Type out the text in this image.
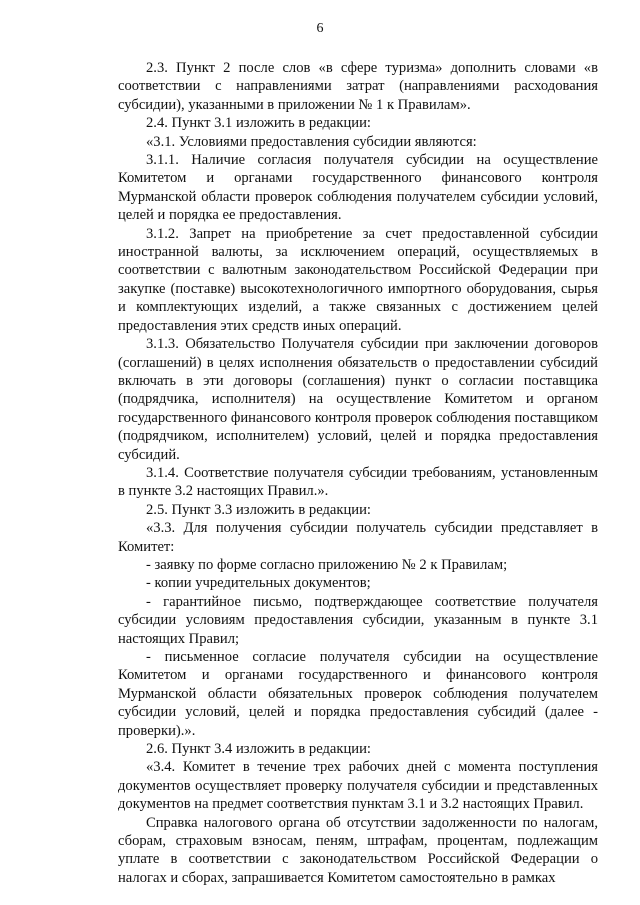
6

2.3. Пункт 2 после слов «в сфере туризма» дополнить словами «в соответствии с направлениями затрат (направлениями расходования субсидии), указанными в приложении № 1 к Правилам».

2.4. Пункт 3.1 изложить в редакции:

«3.1. Условиями предоставления субсидии являются:

3.1.1. Наличие согласия получателя субсидии на осуществление Комитетом и органами государственного финансового контроля Мурманской области проверок соблюдения получателем субсидии условий, целей и порядка ее предоставления.

3.1.2. Запрет на приобретение за счет предоставленной субсидии иностранной валюты, за исключением операций, осуществляемых в соответствии с валютным законодательством Российской Федерации при закупке (поставке) высокотехнологичного импортного оборудования, сырья и комплектующих изделий, а также связанных с достижением целей предоставления этих средств иных операций.

3.1.3. Обязательство Получателя субсидии при заключении договоров (соглашений) в целях исполнения обязательств о предоставлении субсидий включать в эти договоры (соглашения) пункт о согласии поставщика (подрядчика, исполнителя) на осуществление Комитетом и органом государственного финансового контроля проверок соблюдения поставщиком (подрядчиком, исполнителем) условий, целей и порядка предоставления субсидий.

3.1.4. Соответствие получателя субсидии требованиям, установленным в пункте 3.2 настоящих Правил.».

2.5. Пункт 3.3 изложить в редакции:

«3.3. Для получения субсидии получатель субсидии представляет в Комитет:

- заявку по форме согласно приложению № 2 к Правилам;

- копии учредительных документов;

- гарантийное письмо, подтверждающее соответствие получателя субсидии условиям предоставления субсидии, указанным в пункте 3.1 настоящих Правил;

- письменное согласие получателя субсидии на осуществление Комитетом и органами государственного и финансового контроля Мурманской области обязательных проверок соблюдения получателем субсидии условий, целей и порядка предоставления субсидий (далее - проверки).».

2.6. Пункт 3.4 изложить в редакции:

«3.4. Комитет в течение трех рабочих дней с момента поступления документов осуществляет проверку получателя субсидии и представленных документов на предмет соответствия пунктам 3.1 и 3.2 настоящих Правил.

Справка налогового органа об отсутствии задолженности по налогам, сборам, страховым взносам, пеням, штрафам, процентам, подлежащим уплате в соответствии с законодательством Российской Федерации о налогах и сборах, запрашивается Комитетом самостоятельно в рамках
